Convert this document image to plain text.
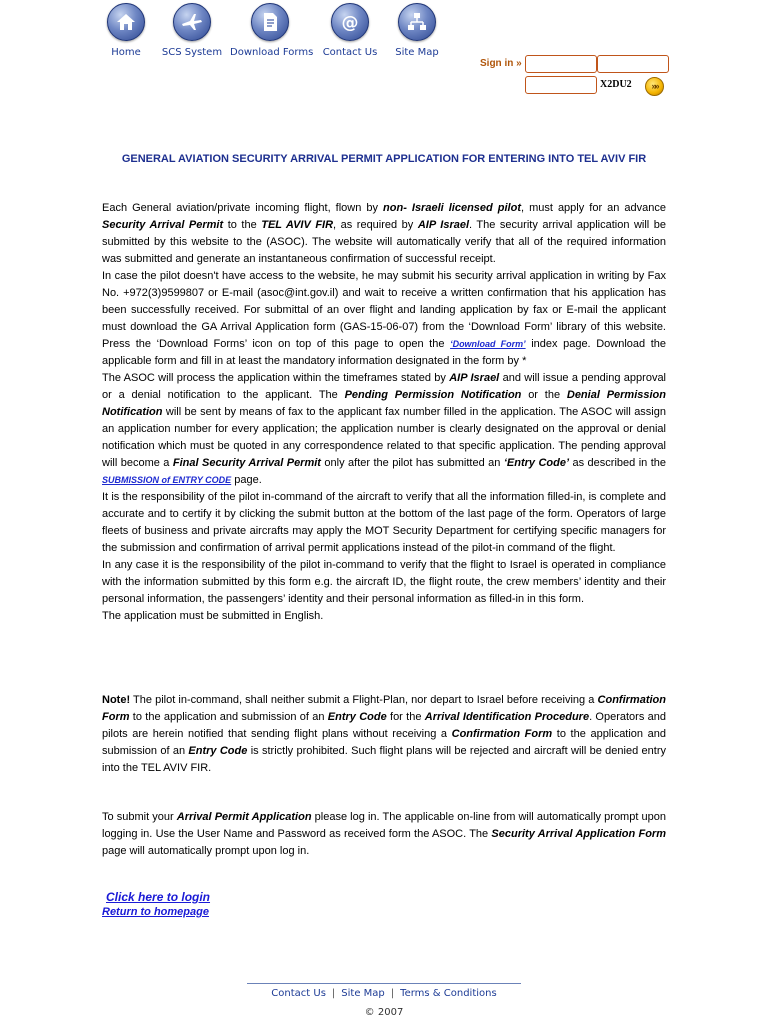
Home	SCS System Download Forms
@
Contact Us	Site Map
Sign in »
X2DU2	»»
GENERAL AVIATION SECURITY ARRIVAL PERMIT APPLICATION FOR ENTERING INTO TEL AVIV FIR

Each General aviation/private incoming flight, flown by non- Israeli licensed pilot, must apply for an advance Security Arrival Permit to the TEL AVIV FIR, as required by AIP Israel. The security arrival application will be submitted by this website to the (ASOC). The website will automatically verify that all of the required information was submitted and generate an instantaneous confirmation of successful receipt.

In case the pilot doesn't have access to the website, he may submit his security arrival application in writing by Fax No. +972(3)9599807 or E-mail (asoc@int.gov.il) and wait to receive a written confirmation that his application has been successfully received. For submittal of an over flight and landing application by fax or E-mail the applicant must download the GA Arrival Application form (GAS-15-06-07) from the ‘Download Form’ library of this website. Press the ‘Download Forms’ icon on top of this page to open the ‘Download Form’ index page. Download the applicable form and fill in at least the mandatory information designated in the form by *

The ASOC will process the application within the timeframes stated by AIP Israel and will issue a pending approval or a denial notification to the applicant. The Pending Permission Notification or the Denial Permission Notification will be sent by means of fax to the applicant fax number filled in the application. The ASOC will assign an application number for every application; the application number is clearly designated on the approval or denial notification which must be quoted in any correspondence related to that specific application. The pending approval will become a Final Security Arrival Permit only after the pilot has submitted an ‘Entry Code’ as described in the SUBMISSION of ENTRY CODE page.

It is the responsibility of the pilot in-command of the aircraft to verify that all the information filled-in, is complete and accurate and to certify it by clicking the submit button at the bottom of the last page of the form. Operators of large fleets of business and private aircrafts may apply the MOT Security Department for certifying specific managers for the submission and confirmation of arrival permit applications instead of the pilot-in command of the flight.

In any case it is the responsibility of the pilot in-command to verify that the flight to Israel is operated in compliance with the information submitted by this form e.g. the aircraft ID, the flight route, the crew members’ identity and their personal information, the passengers’ identity and their personal information as filled-in in this form.

The application must be submitted in English.

Note! The pilot in-command, shall neither submit a Flight-Plan, nor depart to Israel before receiving a Confirmation Form to the application and submission of an Entry Code for the Arrival Identification Procedure. Operators and pilots are herein notified that sending flight plans without receiving a Confirmation Form to the application and submission of an Entry Code is strictly prohibited. Such flight plans will be rejected and aircraft will be denied entry into the TEL AVIV FIR.

To submit your Arrival Permit Application please log in. The applicable on-line from will automatically prompt upon logging in. Use the User Name and Password as received form the ASOC. The Security Arrival Application Form page will automatically prompt upon log in.

Click here to login
Return to homepage
Contact Us | Site Map | Terms & Conditions
© 2007
